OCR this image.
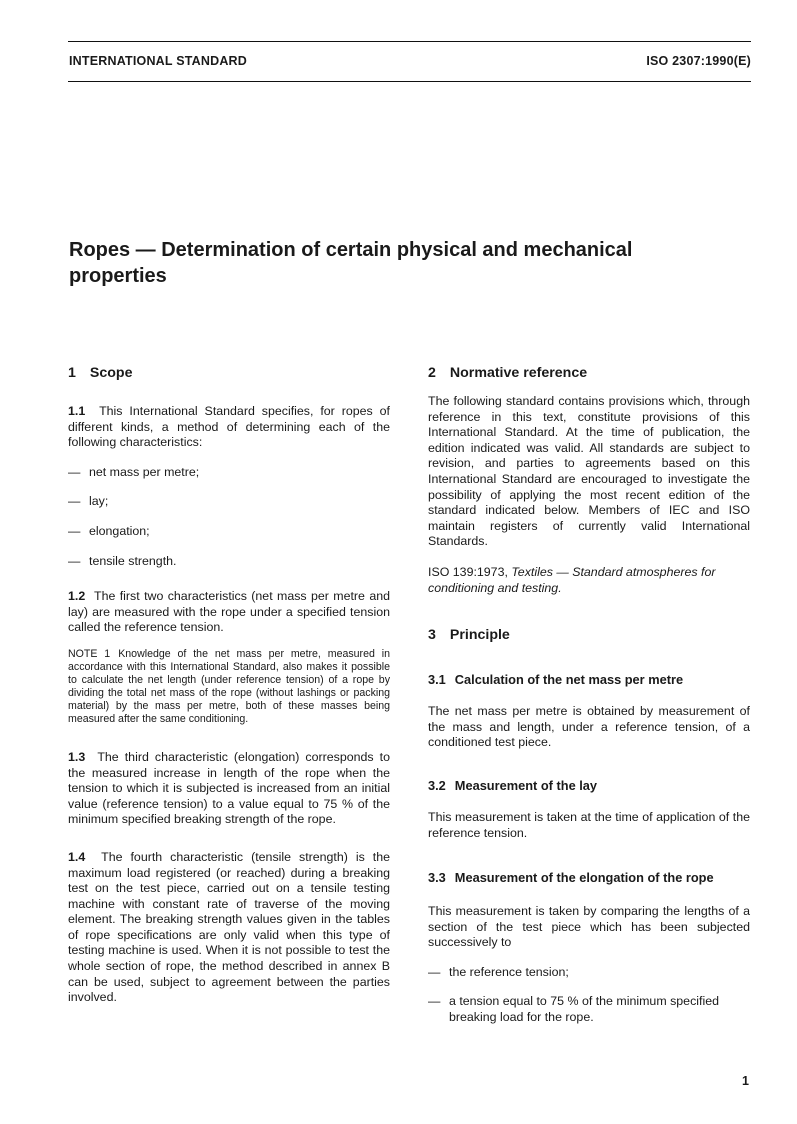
INTERNATIONAL STANDARD	ISO 2307:1990(E)
Ropes — Determination of certain physical and mechanical properties
1 Scope

1.1 This International Standard specifies, for ropes of different kinds, a method of determining each of the following characteristics:

— net mass per metre;
— lay;
— elongation;
— tensile strength.

1.2 The first two characteristics (net mass per metre and lay) are measured with the rope under a specified tension called the reference tension.

NOTE 1 Knowledge of the net mass per metre, measured in accordance with this International Standard, also makes it possible to calculate the net length (under reference tension) of a rope by dividing the total net mass of the rope (without lashings or packing material) by the mass per metre, both of these masses being measured after the same conditioning.

1.3 The third characteristic (elongation) corresponds to the measured increase in length of the rope when the tension to which it is subjected is increased from an initial value (reference tension) to a value equal to 75 % of the minimum specified breaking strength of the rope.

1.4 The fourth characteristic (tensile strength) is the maximum load registered (or reached) during a breaking test on the test piece, carried out on a tensile testing machine with constant rate of traverse of the moving element. The breaking strength values given in the tables of rope specifications are only valid when this type of testing machine is used. When it is not possible to test the whole section of rope, the method described in annex B can be used, subject to agreement between the parties involved.

2 Normative reference

The following standard contains provisions which, through reference in this text, constitute provisions of this International Standard. At the time of publication, the edition indicated was valid. All standards are subject to revision, and parties to agreements based on this International Standard are encouraged to investigate the possibility of applying the most recent edition of the standard indicated below. Members of IEC and ISO maintain registers of currently valid International Standards.

ISO 139:1973, Textiles — Standard atmospheres for conditioning and testing.

3 Principle
3.1 Calculation of the net mass per metre

The net mass per metre is obtained by measurement of the mass and length, under a reference tension, of a conditioned test piece.

3.2 Measurement of the lay

This measurement is taken at the time of application of the reference tension.

3.3 Measurement of the elongation of the rope

This measurement is taken by comparing the lengths of a section of the test piece which has been subjected successively to

— the reference tension;
— a tension equal to 75 % of the minimum specified breaking load for the rope.
1
